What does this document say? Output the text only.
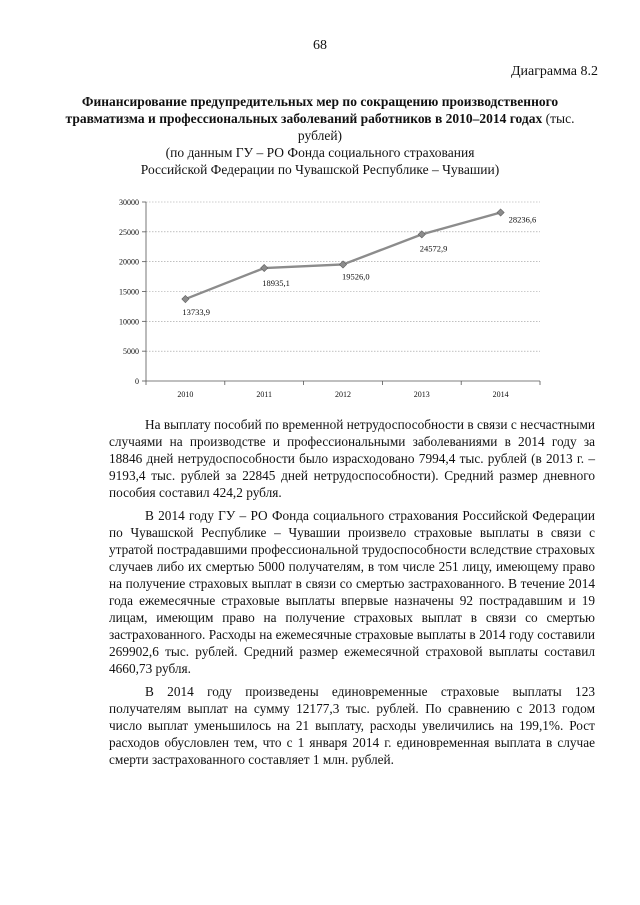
68
Диаграмма 8.2
Финансирование предупредительных мер по сокращению производственного травматизма и профессиональных заболеваний работников в 2010–2014 годах (тыс. рублей)
(по данным ГУ – РО Фонда социального страхования
Российской Федерации по Чувашской Республике – Чувашии)
0
5000
10000
15000
20000
25000
30000
2010	2011	2012	2013	2014
13733,9
18935,1
19526,0
24572,9
28236,6

На выплату пособий по временной нетрудоспособности в связи с несчастными случаями на производстве и профессиональными заболеваниями в 2014 году за 18846 дней нетрудоспособности было израсходовано 7994,4 тыс. рублей (в 2013 г. – 9193,4 тыс. рублей за 22845 дней нетрудоспособности). Средний размер дневного пособия составил 424,2 рубля.

В 2014 году ГУ – РО Фонда социального страхования Российской Федерации по Чувашской Республике – Чувашии произвело страховые выплаты в связи с утратой пострадавшими профессиональной трудоспособности вследствие страховых случаев либо их смертью 5000 получателям, в том числе 251 лицу, имеющему право на получение страховых выплат в связи со смертью застрахованного. В течение 2014 года ежемесячные страховые выплаты впервые назначены 92 пострадавшим и 19 лицам, имеющим право на получение страховых выплат в связи со смертью застрахованного. Расходы на ежемесячные страховые выплаты в 2014 году составили 269902,6 тыс. рублей. Средний размер ежемесячной страховой выплаты составил 4660,73 рубля.

В 2014 году произведены единовременные страховые выплаты 123 получателям выплат на сумму 12177,3 тыс. рублей. По сравнению с 2013 годом число выплат уменьшилось на 21 выплату, расходы увеличились на 199,1%. Рост расходов обусловлен тем, что с 1 января 2014 г. единовременная выплата в случае смерти застрахованного составляет 1 млн. рублей.
